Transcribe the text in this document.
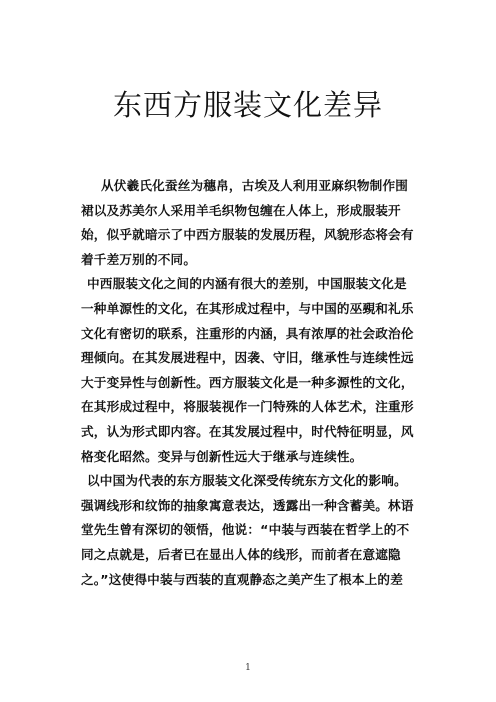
东西方服装文化差异
从伏羲氏化蚕丝为穗帛，古埃及人利用亚麻织物制作围
裙以及苏美尔人采用羊毛织物包缠在人体上，形成服装开
始，似乎就暗示了中西方服装的发展历程，风貌形态将会有
着千差万别的不同。
中西服装文化之间的内涵有很大的差别，中国服装文化是
一种单源性的文化，在其形成过程中，与中国的巫覡和礼乐
文化有密切的联系，注重形的内涵，具有浓厚的社会政治伦
理倾向。在其发展进程中，因袭、守旧，继承性与连续性远
大于变异性与创新性。西方服装文化是一种多源性的文化，
在其形成过程中，将服装视作一门特殊的人体艺术，注重形
式，认为形式即内容。在其发展过程中，时代特征明显，风
格变化昭然。变异与创新性远大于继承与连续性。
以中国为代表的东方服装文化深受传统东方文化的影响。
强调线形和纹饰的抽象寓意表达，透露出一种含蓄美。林语
堂先生曾有深切的领悟，他说：“中装与西装在哲学上的不
同之点就是，后者已在显出人体的线形，而前者在意遮隐
之。”这使得中装与西装的直观静态之美产生了根本上的差
1
